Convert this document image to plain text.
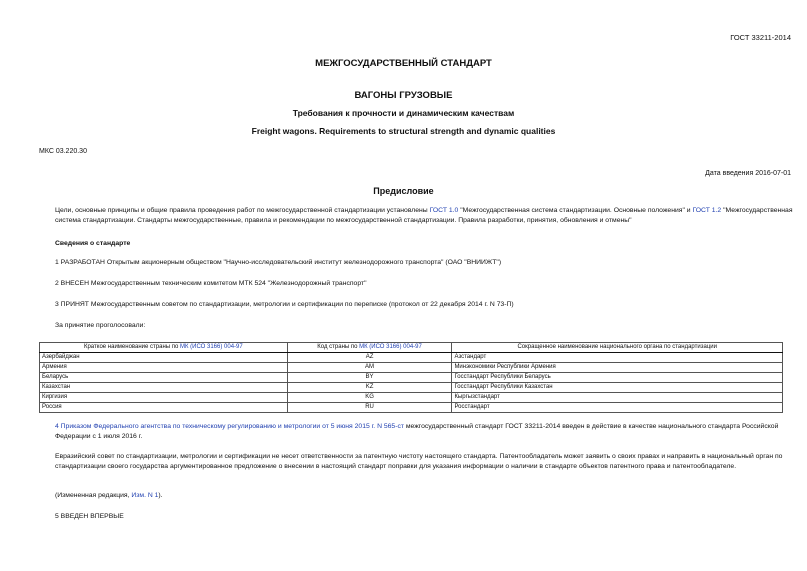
ГОСТ 33211-2014
МЕЖГОСУДАРСТВЕННЫЙ СТАНДАРТ
ВАГОНЫ ГРУЗОВЫЕ
Требования к прочности и динамическим качествам
Freight wagons. Requirements to structural strength and dynamic qualities
МКС 03.220.30
Дата введения 2016-07-01
Предисловие
Цели, основные принципы и общие правила проведения работ по межгосударственной стандартизации установлены ГОСТ 1.0 "Межгосударственная система стандартизации. Основные положения" и ГОСТ 1.2 "Межгосударственная система стандартизации. Стандарты межгосударственные, правила и рекомендации по межгосударственной стандартизации. Правила разработки, принятия, обновления и отмены"
Сведения о стандарте
1 РАЗРАБОТАН Открытым акционерным обществом "Научно-исследовательский институт железнодорожного транспорта" (ОАО "ВНИИЖТ")
2 ВНЕСЕН Межгосударственным техническим комитетом МТК 524 "Железнодорожный транспорт"
3 ПРИНЯТ Межгосударственным советом по стандартизации, метрологии и сертификации по переписке (протокол от 22 декабря 2014 г. N 73-П)
За принятие проголосовали:
Краткое наименование страны по МК (ИСО 3166) 004-97	Код страны по МК (ИСО 3166) 004-97	Сокращенное наименование национального органа по стандартизации
Азербайджан	AZ	Азстандарт
Армения	AM	Минэкономики Республики Армения
Беларусь	BY	Госстандарт Республики Беларусь
Казахстан	KZ	Госстандарт Республики Казахстан
Киргизия	KG	Кыргызстандарт
Россия	RU	Росстандарт
4 Приказом Федерального агентства по техническому регулированию и метрологии от 5 июня 2015 г. N 565-ст межгосударственный стандарт ГОСТ 33211-2014 введен в действие в качестве национального стандарта Российской Федерации с 1 июля 2016 г.
Евразийский совет по стандартизации, метрологии и сертификации не несет ответственности за патентную чистоту настоящего стандарта. Патентообладатель может заявить о своих правах и направить в национальный орган по стандартизации своего государства аргументированное предложение о внесении в настоящий стандарт поправки для указания информации о наличии в стандарте объектов патентного права и патентообладателе.
(Измененная редакция, Изм. N 1).
5 ВВЕДЕН ВПЕРВЫЕ
